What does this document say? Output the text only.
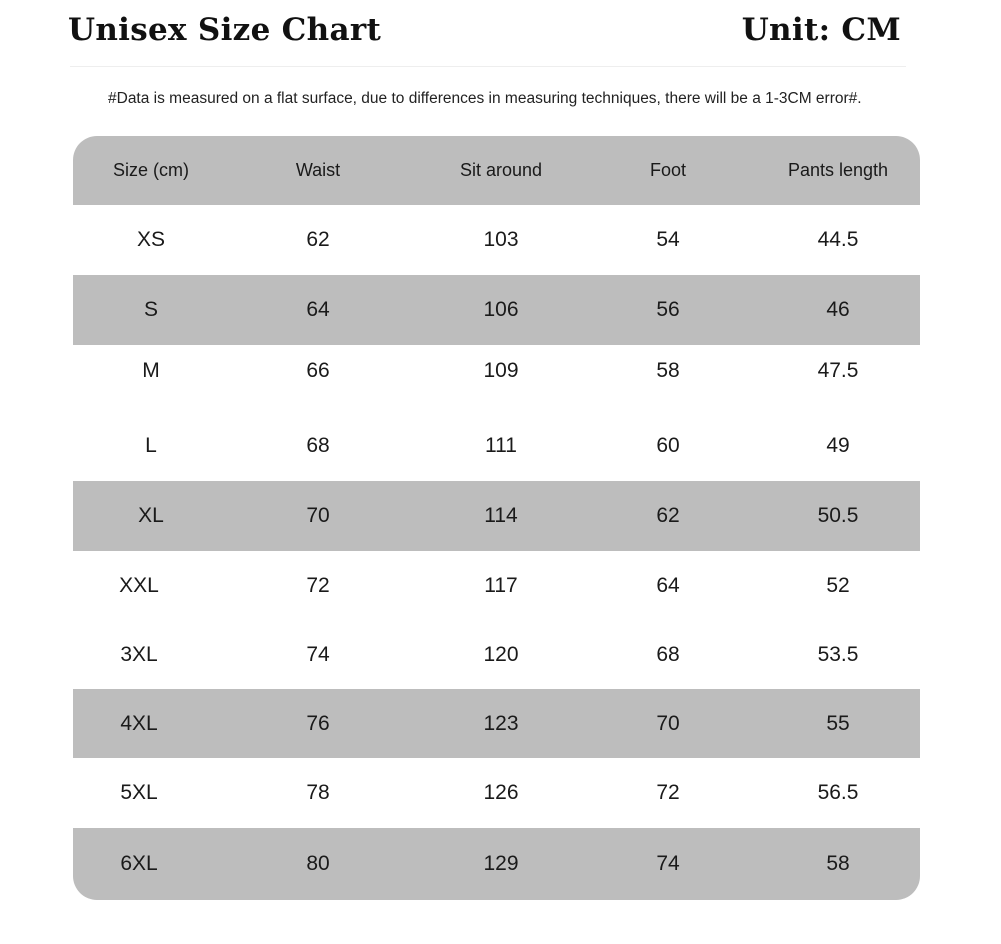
Unisex Size Chart	Unit: CM
#Data is measured on a flat surface, due to differences in measuring techniques, there will be a 1-3CM error#.
Size (cm)	Waist	Sit around	Foot	Pants length
XS	62	103	54	44.5
S	64	106	56	46
M	66	109	58	47.5
L	68	111	60	49
XL	70	114	62	50.5
XXL	72	117	64	52
3XL	74	120	68	53.5
4XL	76	123	70	55
5XL	78	126	72	56.5
6XL	80	129	74	58
